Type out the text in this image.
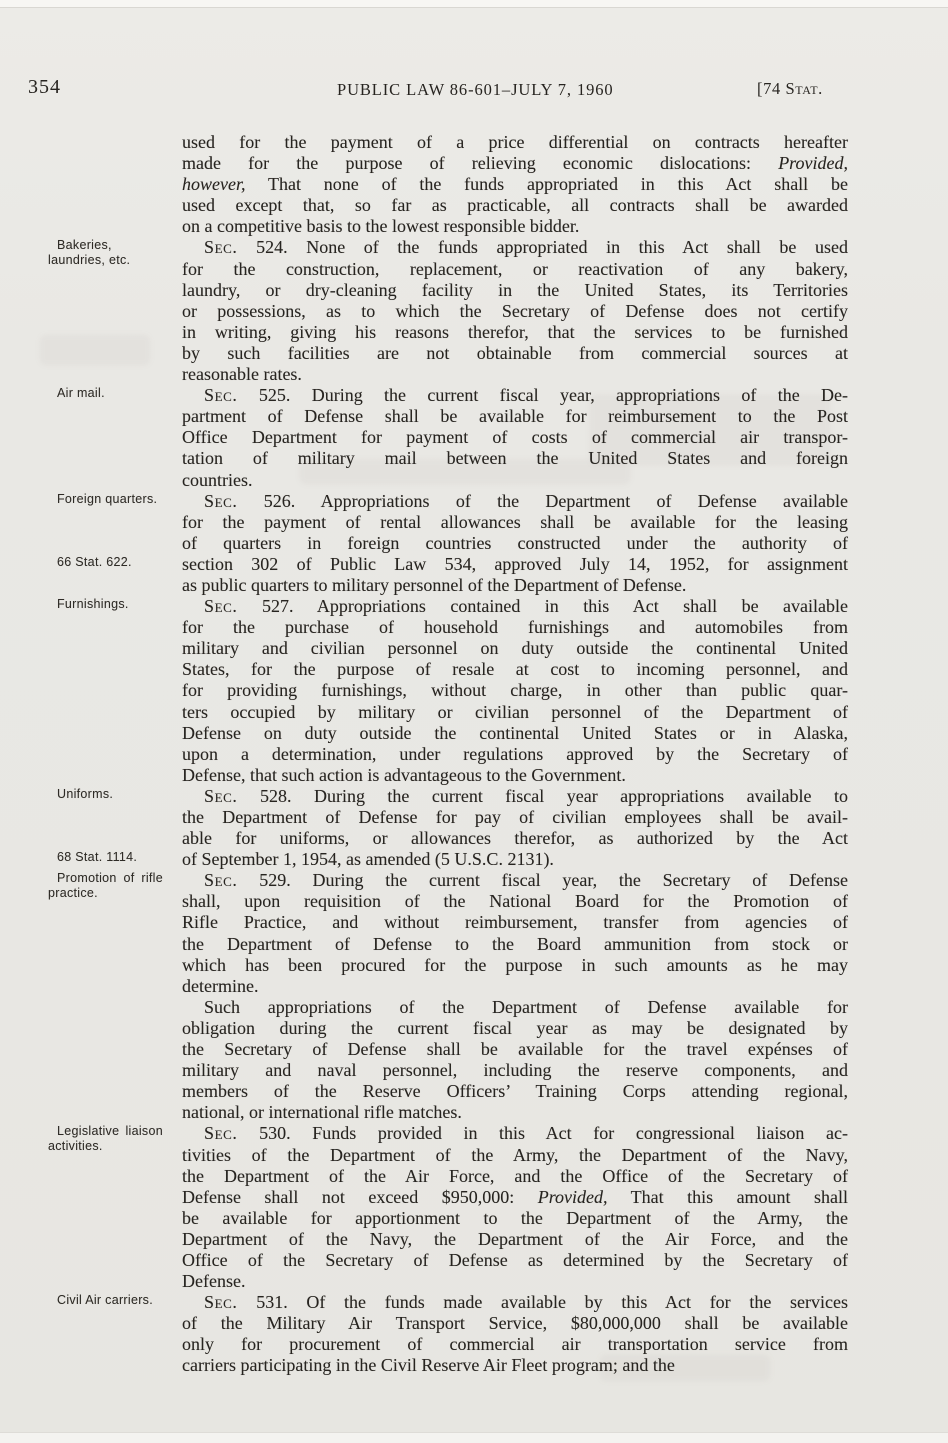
354	PUBLIC LAW 86-601–JULY 7, 1960	[74 Stat.
used for the payment of a price differential on contracts hereafter
made for the purpose of relieving economic dislocations: Provided,
however, That none of the funds appropriated in this Act shall be
used except that, so far as practicable, all contracts shall be awarded
on a competitive basis to the lowest responsible bidder.
Bakeries, laundries, etc.
Sec. 524. None of the funds appropriated in this Act shall be used
for the construction, replacement, or reactivation of any bakery,
laundry, or dry-cleaning facility in the United States, its Territories
or possessions, as to which the Secretary of Defense does not certify
in writing, giving his reasons therefor, that the services to be furnished
by such facilities are not obtainable from commercial sources at
reasonable rates.
Air mail.	Sec. 525. During the current fiscal year, appropriations of the De-
partment of Defense shall be available for reimbursement to the Post
Office Department for payment of costs of commercial air transpor-
tation of military mail between the United States and foreign
countries.
Foreign quarters.
66 Stat. 622.
Sec. 526. Appropriations of the Department of Defense available
for the payment of rental allowances shall be available for the leasing
of quarters in foreign countries constructed under the authority of
section 302 of Public Law 534, approved July 14, 1952, for assignment
as public quarters to military personnel of the Department of Defense.
Furnishings.	Sec. 527. Appropriations contained in this Act shall be available
for the purchase of household furnishings and automobiles from
military and civilian personnel on duty outside the continental United
States, for the purpose of resale at cost to incoming personnel, and
for providing furnishings, without charge, in other than public quar-
ters occupied by military or civilian personnel of the Department of
Defense on duty outside the continental United States or in Alaska,
upon a determination, under regulations approved by the Secretary of
Defense, that such action is advantageous to the Government.
Uniforms.
68 Stat. 1114.
Sec. 528. During the current fiscal year appropriations available to
the Department of Defense for pay of civilian employees shall be avail-
able for uniforms, or allowances therefor, as authorized by the Act
of September 1, 1954, as amended (5 U.S.C. 2131).
Promotion of rifle practice.
Sec. 529. During the current fiscal year, the Secretary of Defense
shall, upon requisition of the National Board for the Promotion of
Rifle Practice, and without reimbursement, transfer from agencies of
the Department of Defense to the Board ammunition from stock or
which has been procured for the purpose in such amounts as he may
determine.
Such appropriations of the Department of Defense available for
obligation during the current fiscal year as may be designated by
the Secretary of Defense shall be available for the travel expénses of
military and naval personnel, including the reserve components, and
members of the Reserve Officers’ Training Corps attending regional,
national, or international rifle matches.
Legislative liaison activities.
Sec. 530. Funds provided in this Act for congressional liaison ac-
tivities of the Department of the Army, the Department of the Navy,
the Department of the Air Force, and the Office of the Secretary of
Defense shall not exceed $950,000: Provided, That this amount shall
be available for apportionment to the Department of the Army, the
Department of the Navy, the Department of the Air Force, and the
Office of the Secretary of Defense as determined by the Secretary of
Defense.
Civil Air carriers.	Sec. 531. Of the funds made available by this Act for the services
of the Military Air Transport Service, $80,000,000 shall be available
only for procurement of commercial air transportation service from
carriers participating in the Civil Reserve Air Fleet program; and the
